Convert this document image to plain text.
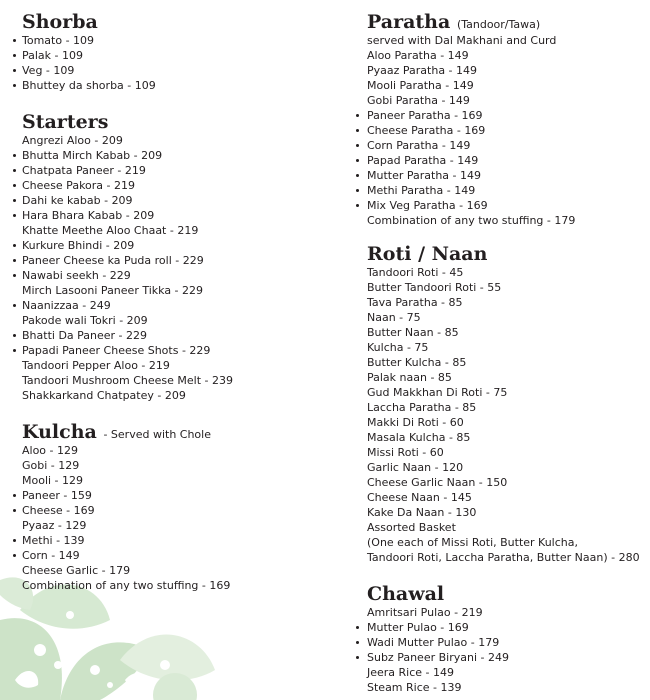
Shorba
Tomato - 109
Palak - 109
Veg - 109
Bhuttey da shorba - 109
Starters
Angrezi Aloo - 209
Bhutta Mirch Kabab - 209
Chatpata Paneer - 219
Cheese Pakora - 219
Dahi ke kabab - 209
Hara Bhara Kabab - 209
Khatte Meethe Aloo Chaat - 219
Kurkure Bhindi - 209
Paneer Cheese ka Puda roll - 229
Nawabi seekh - 229
Mirch Lasooni Paneer Tikka - 229
Naanizzaa - 249
Pakode wali Tokri - 209
Bhatti Da Paneer - 229
Papadi Paneer Cheese Shots - 229
Tandoori Pepper Aloo - 219
Tandoori Mushroom Cheese Melt - 239
Shakkarkand Chatpatey - 209
Kulcha - Served with Chole
Aloo - 129
Gobi - 129
Mooli - 129
Paneer - 159
Cheese - 169
Pyaaz - 129
Methi - 139
Corn - 149
Cheese Garlic - 179
Combination of any two stuffing - 169
Paratha (Tandoor/Tawa)
served with Dal Makhani and Curd
Aloo Paratha - 149
Pyaaz Paratha - 149
Mooli Paratha - 149
Gobi Paratha - 149
Paneer Paratha - 169
Cheese Paratha - 169
Corn Paratha - 149
Papad Paratha - 149
Mutter Paratha - 149
Methi Paratha - 149
Mix Veg Paratha - 169
Combination of any two stuffing - 179
Roti / Naan
Tandoori Roti - 45
Butter Tandoori Roti - 55
Tava Paratha - 85
Naan - 75
Butter Naan - 85
Kulcha - 75
Butter Kulcha - 85
Palak naan - 85
Gud Makkhan Di Roti - 75
Laccha Paratha - 85
Makki Di Roti - 60
Masala Kulcha - 85
Missi Roti - 60
Garlic Naan - 120
Cheese Garlic Naan - 150
Cheese Naan - 145
Kake Da Naan - 130
Assorted Basket
(One each of Missi Roti, Butter Kulcha,
Tandoori Roti, Laccha Paratha, Butter Naan) - 280
Chawal
Amritsari Pulao - 219
Mutter Pulao - 169
Wadi Mutter Pulao - 179
Subz Paneer Biryani - 249
Jeera Rice - 149
Steam Rice - 139
